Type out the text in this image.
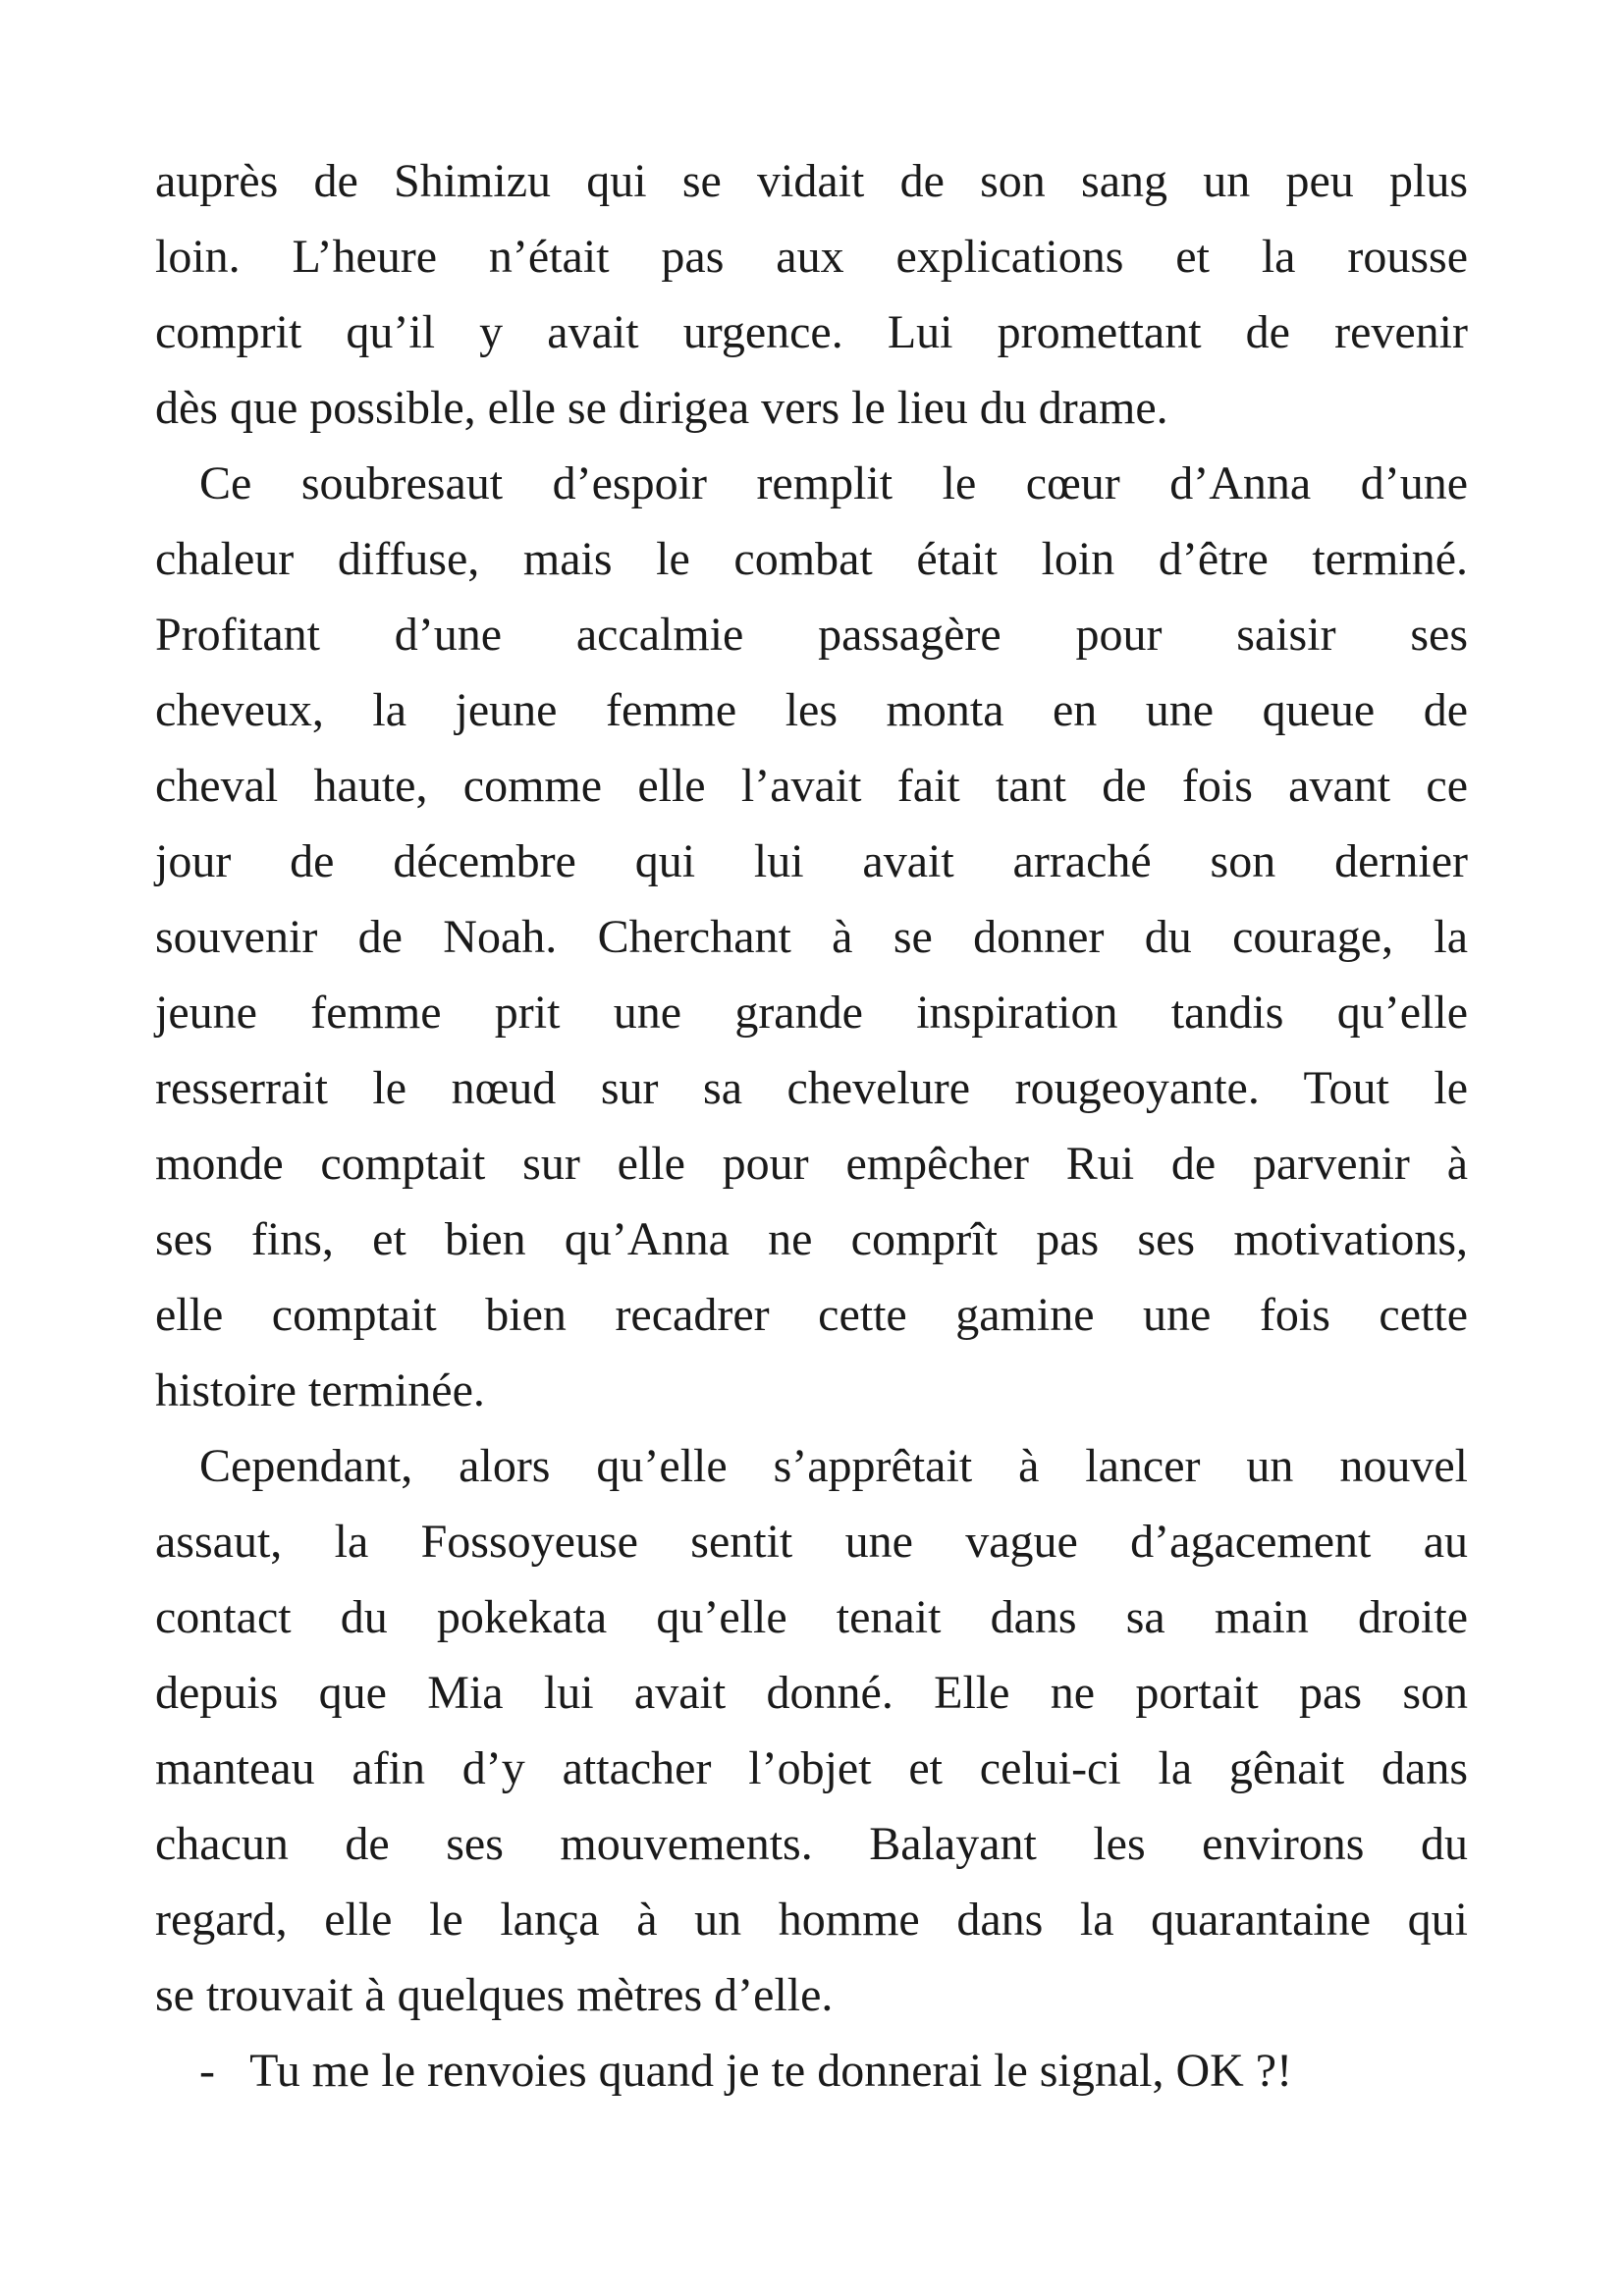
auprès de Shimizu qui se vidait de son sang un peu plus
loin. L’heure n’était pas aux explications et la rousse
comprit qu’il y avait urgence. Lui promettant de revenir
dès que possible, elle se dirigea vers le lieu du drame.

Ce soubresaut d’espoir remplit le cœur d’Anna d’une
chaleur diffuse, mais le combat était loin d’être terminé.
Profitant d’une accalmie passagère pour saisir ses
cheveux, la jeune femme les monta en une queue de
cheval haute, comme elle l’avait fait tant de fois avant ce
jour de décembre qui lui avait arraché son dernier
souvenir de Noah. Cherchant à se donner du courage, la
jeune femme prit une grande inspiration tandis qu’elle
resserrait le nœud sur sa chevelure rougeoyante. Tout le
monde comptait sur elle pour empêcher Rui de parvenir à
ses fins, et bien qu’Anna ne comprît pas ses motivations,
elle comptait bien recadrer cette gamine une fois cette
histoire terminée.

Cependant, alors qu’elle s’apprêtait à lancer un nouvel
assaut, la Fossoyeuse sentit une vague d’agacement au
contact du pokekata qu’elle tenait dans sa main droite
depuis que Mia lui avait donné. Elle ne portait pas son
manteau afin d’y attacher l’objet et celui-ci la gênait dans
chacun de ses mouvements. Balayant les environs du
regard, elle le lança à un homme dans la quarantaine qui
se trouvait à quelques mètres d’elle.

-  Tu me le renvoies quand je te donnerai le signal, OK ?!
